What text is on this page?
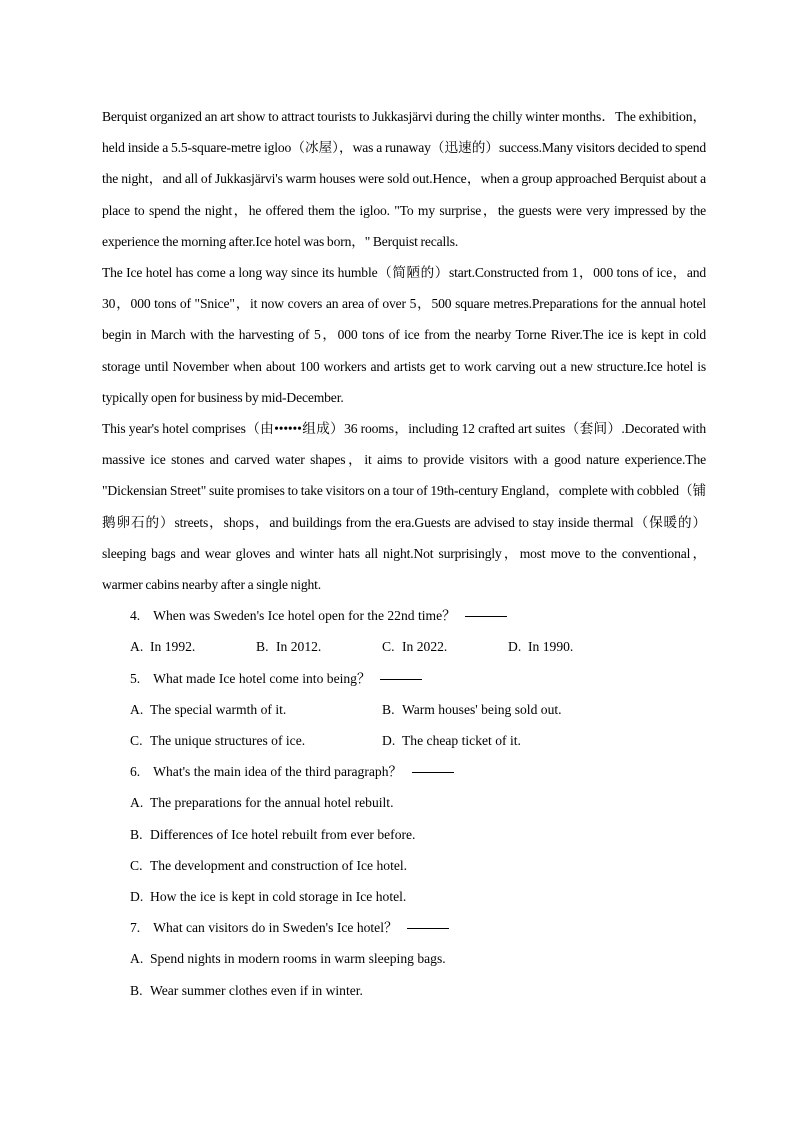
Berquist organized an art show to attract tourists to Jukkasjärvi during the chilly winter months．The exhibition，held inside a 5.5-square-metre igloo（冰屋），was a runaway（迅速的）success.Many visitors decided to spend the night，and all of Jukkasjärvi's warm houses were sold out.Hence，when a group approached Berquist about a place to spend the night，he offered them the igloo. "To my surprise，the guests were very impressed by the experience the morning after.Ice hotel was born，" Berquist recalls.

The Ice hotel has come a long way since its humble（简陋的）start.Constructed from 1，000 tons of ice，and 30，000 tons of "Snice"，it now covers an area of over 5，500 square metres.Preparations for the annual hotel begin in March with the harvesting of 5，000 tons of ice from the nearby Torne River.The ice is kept in cold storage until November when about 100 workers and artists get to work carving out a new structure.Ice hotel is typically open for business by mid-December.

This year's hotel comprises（由••••••组成）36 rooms，including 12 crafted art suites（套间）.Decorated with massive ice stones and carved water shapes，it aims to provide visitors with a good nature experience.The "Dickensian Street" suite promises to take visitors on a tour of 19th-century England，complete with cobbled（铺鹅卵石的）streets，shops，and buildings from the era.Guests are advised to stay inside thermal（保暖的）sleeping bags and wear gloves and winter hats all night.Not surprisingly，most move to the conventional，warmer cabins nearby after a single night.

4. When was Sweden's Ice hotel open for the 22nd time？

A. In 1992.	B. In 2012.	C. In 2022.	D. In 1990.

5. What made Ice hotel come into being？

A. The special warmth of it.	B. Warm houses' being sold out.
C. The unique structures of ice.	D. The cheap ticket of it.

6. What's the main idea of the third paragraph？

A. The preparations for the annual hotel rebuilt.

B. Differences of Ice hotel rebuilt from ever before.

C. The development and construction of Ice hotel.

D. How the ice is kept in cold storage in Ice hotel.

7. What can visitors do in Sweden's Ice hotel？

A. Spend nights in modern rooms in warm sleeping bags.

B. Wear summer clothes even if in winter.
